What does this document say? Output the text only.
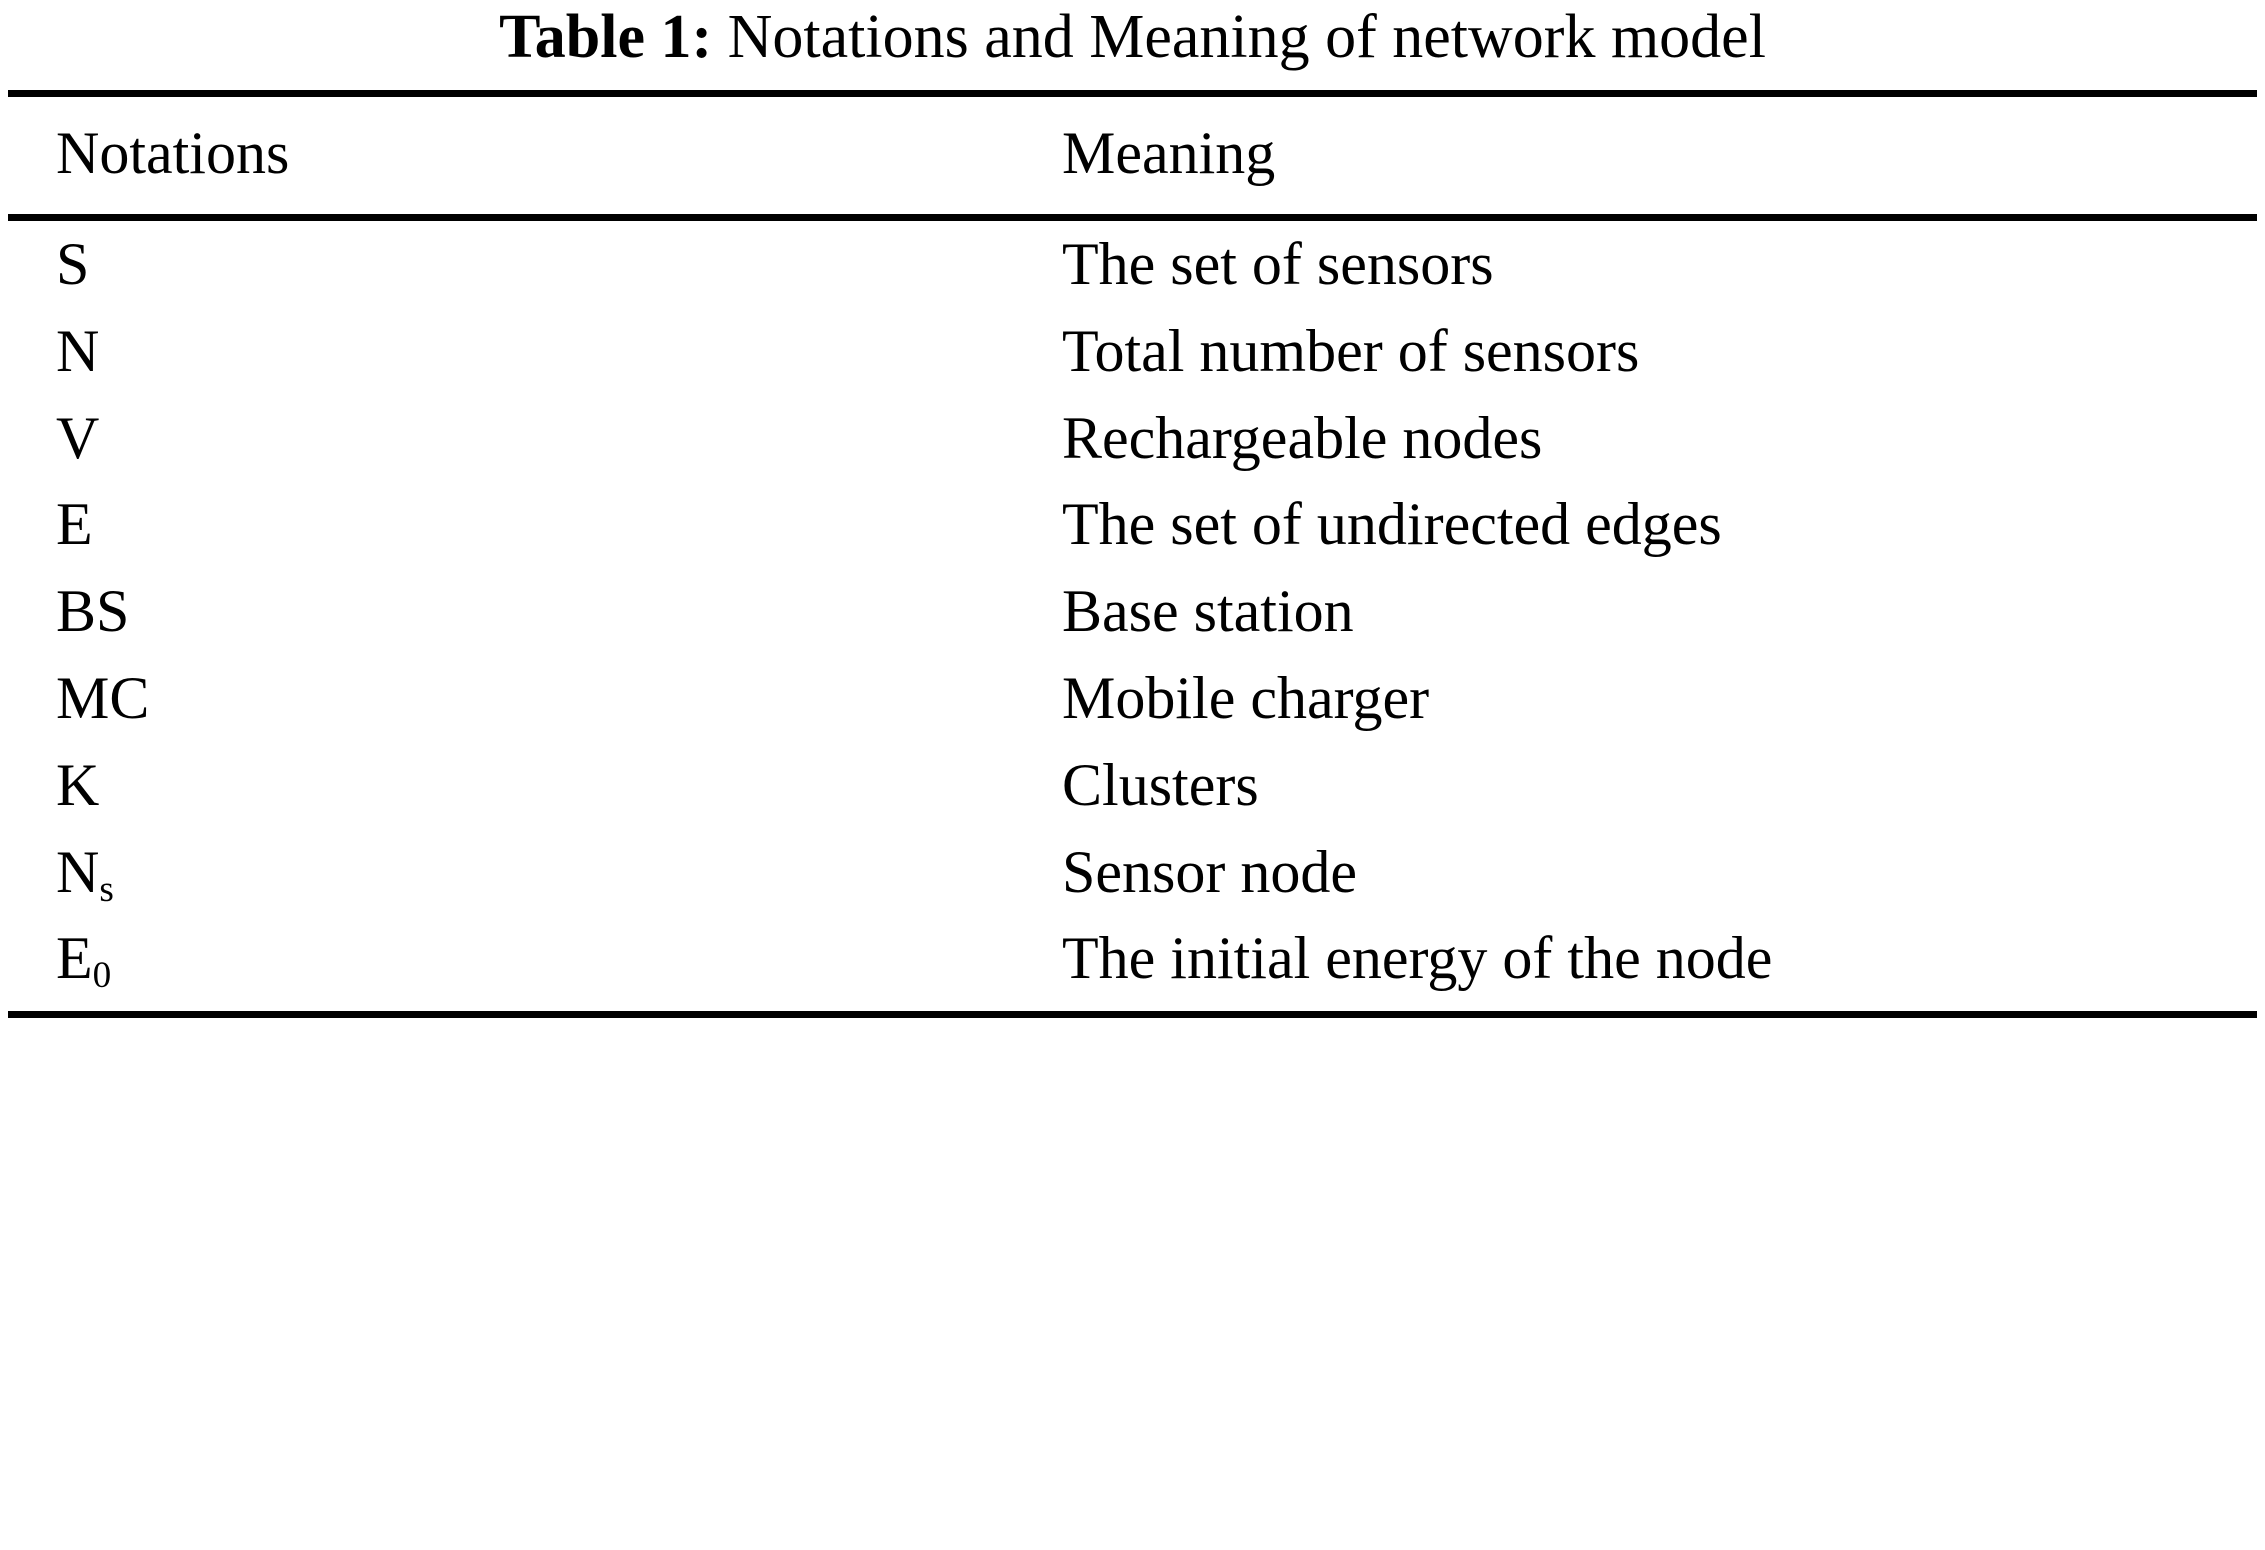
Table 1: Notations and Meaning of network model
Notations	Meaning
S	The set of sensors
N	Total number of sensors
V	Rechargeable nodes
E	The set of undirected edges
BS	Base station
MC	Mobile charger
K	Clusters
$N_s$	Sensor node
$E_0$	The initial energy of the node
